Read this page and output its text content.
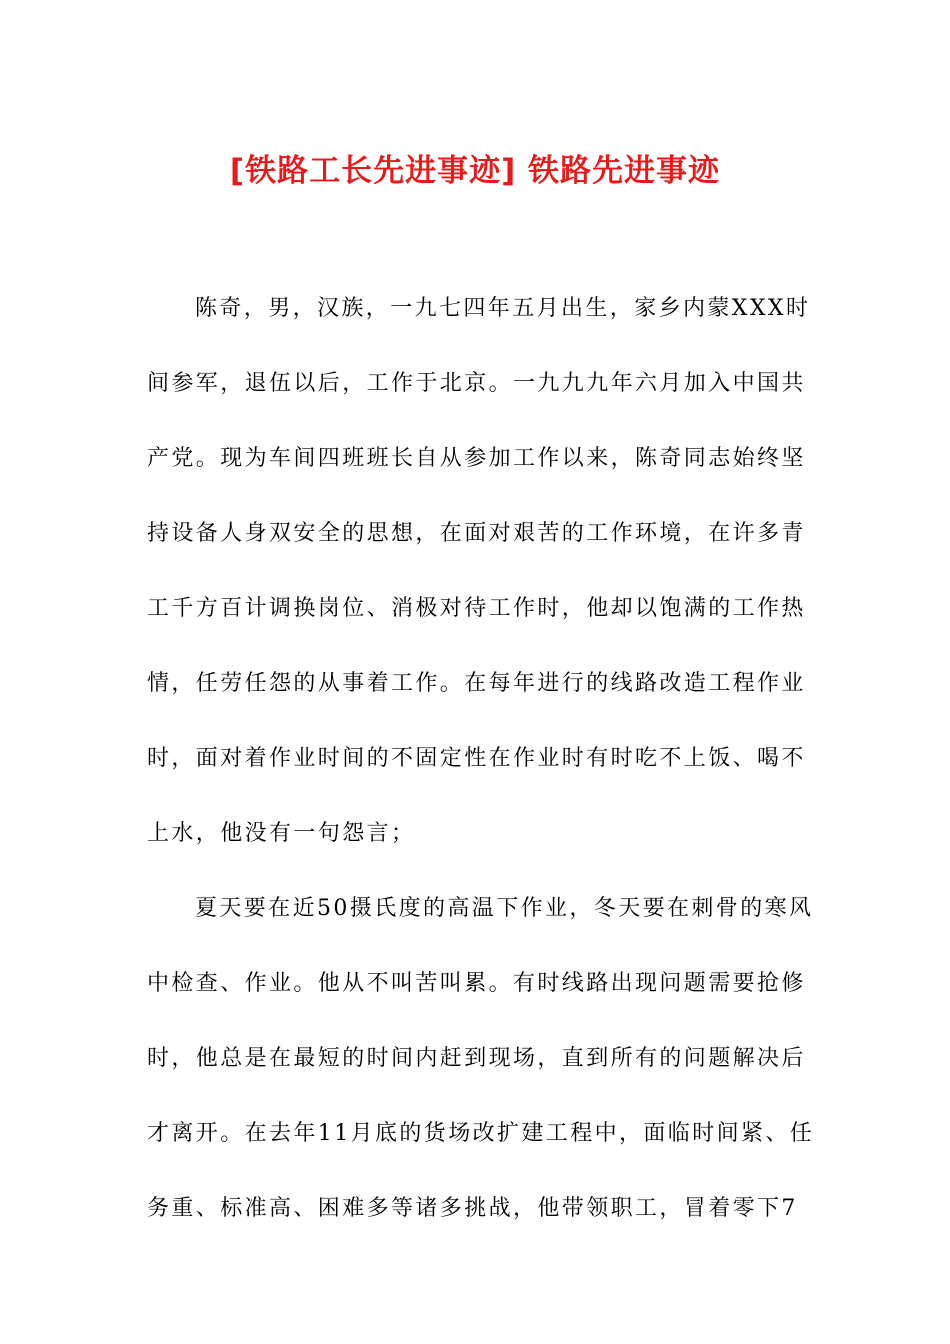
[铁路工长先进事迹] 铁路先进事迹
陈奇，男，汉族，一九七四年五月出生，家乡内蒙XXX时
间参军，退伍以后，工作于北京。一九九九年六月加入中国共
产党。现为车间四班班长自从参加工作以来，陈奇同志始终坚
持设备人身双安全的思想，在面对艰苦的工作环境，在许多青
工千方百计调换岗位、消极对待工作时，他却以饱满的工作热
情，任劳任怨的从事着工作。在每年进行的线路改造工程作业
时，面对着作业时间的不固定性在作业时有时吃不上饭、喝不
上水，他没有一句怨言；
夏天要在近50摄氏度的高温下作业，冬天要在刺骨的寒风
中检查、作业。他从不叫苦叫累。有时线路出现问题需要抢修
时，他总是在最短的时间内赶到现场，直到所有的问题解决后
才离开。在去年11月底的货场改扩建工程中，面临时间紧、任
务重、标准高、困难多等诸多挑战，他带领职工，冒着零下7
